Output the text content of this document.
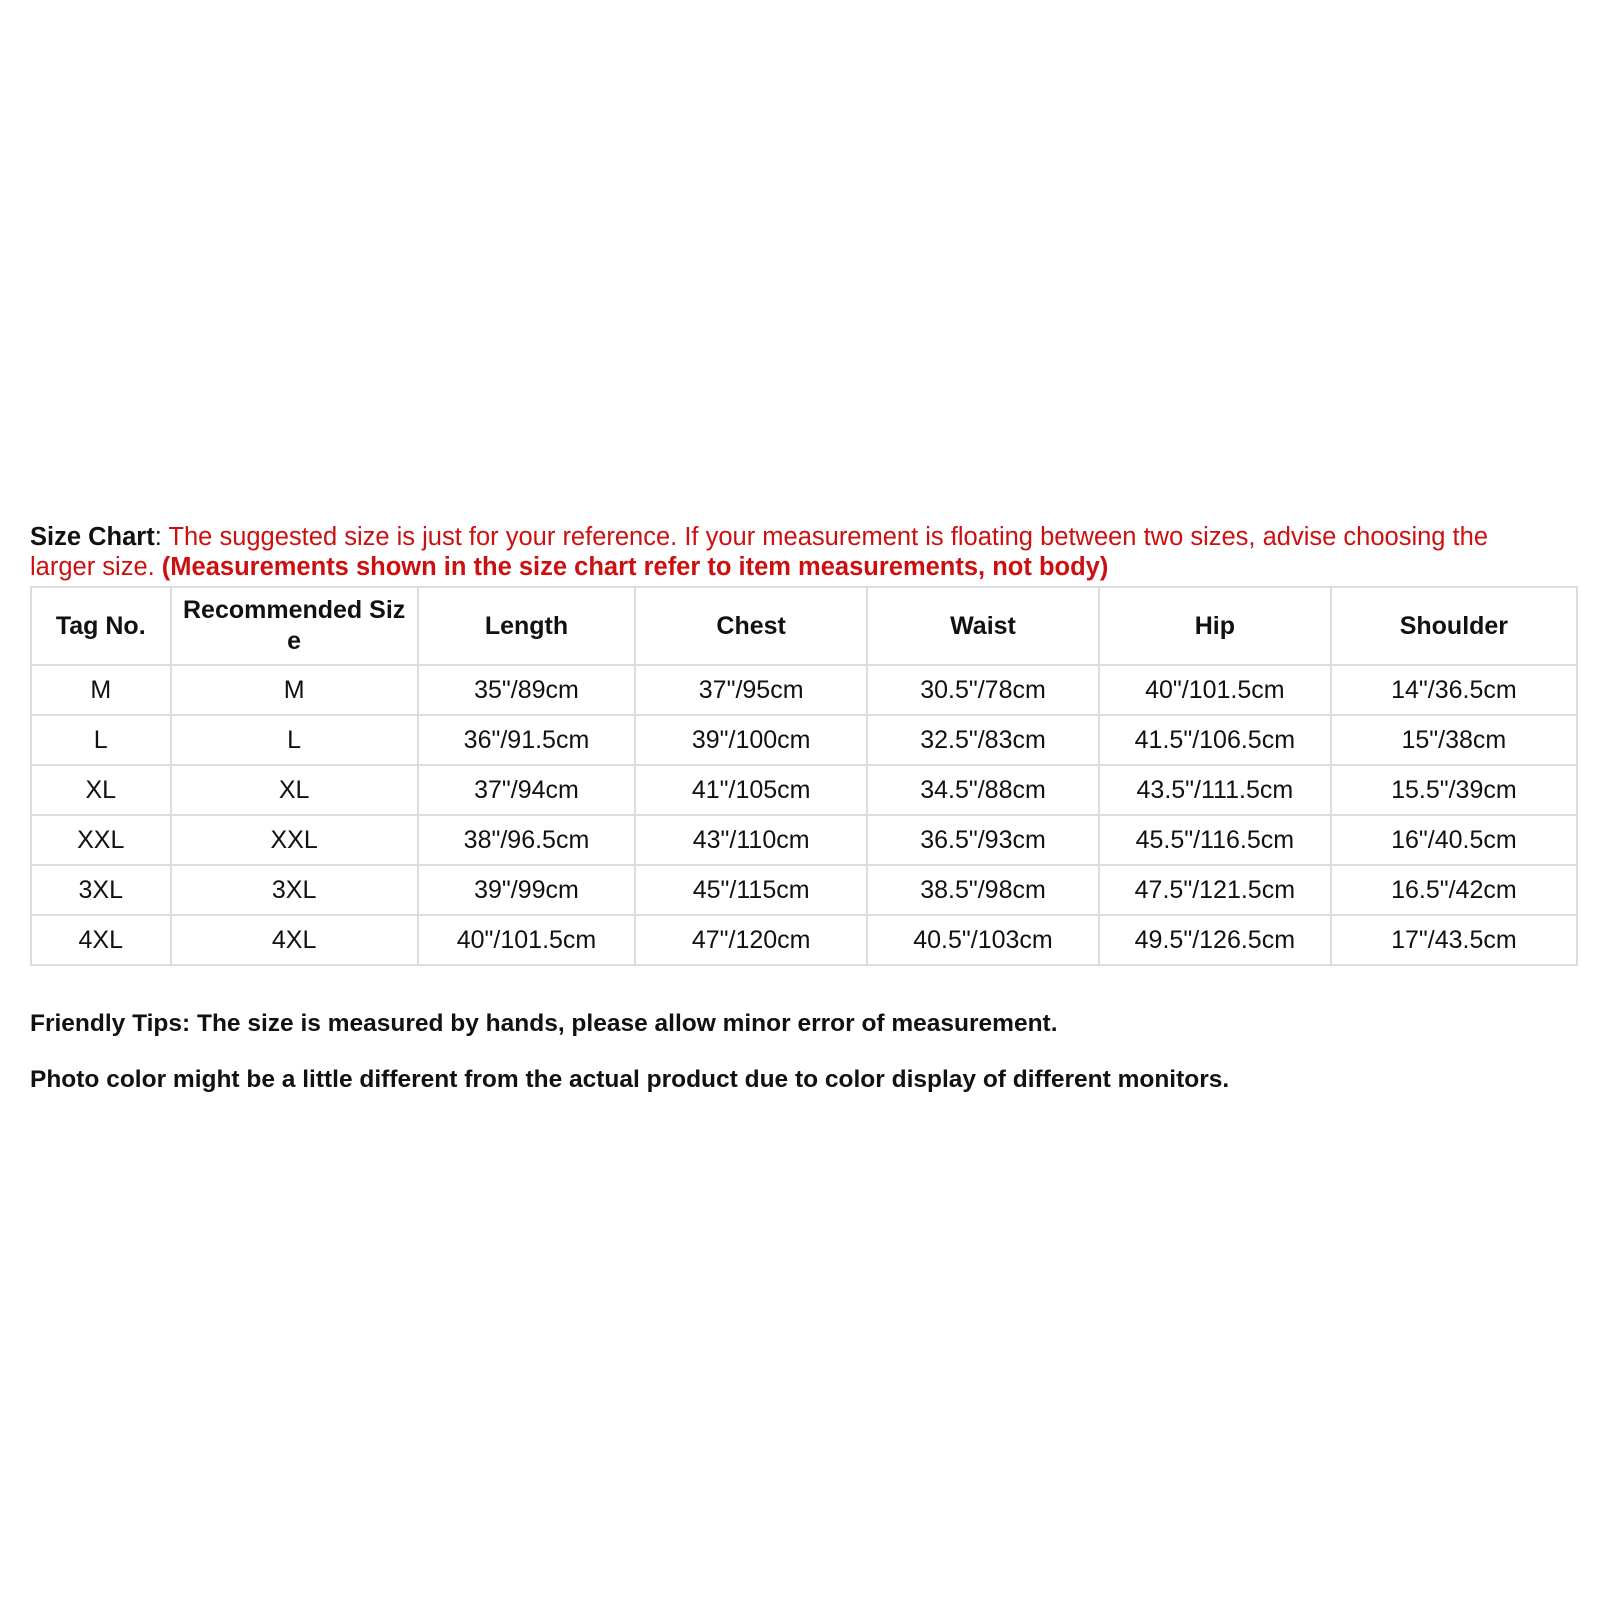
Size Chart: The suggested size is just for your reference. If your measurement is floating between two sizes, advise choosing the larger size. (Measurements shown in the size chart refer to item measurements, not body)

Tag No.	Recommended Siz e	Length	Chest	Waist	Hip	Shoulder
M	M	35"/89cm	37"/95cm	30.5"/78cm	40"/101.5cm	14"/36.5cm
L	L	36"/91.5cm	39"/100cm	32.5"/83cm	41.5"/106.5cm	15"/38cm
XL	XL	37"/94cm	41"/105cm	34.5"/88cm	43.5"/111.5cm	15.5"/39cm
XXL	XXL	38"/96.5cm	43"/110cm	36.5"/93cm	45.5"/116.5cm	16"/40.5cm
3XL	3XL	39"/99cm	45"/115cm	38.5"/98cm	47.5"/121.5cm	16.5"/42cm
4XL	4XL	40"/101.5cm	47"/120cm	40.5"/103cm	49.5"/126.5cm	17"/43.5cm

Friendly Tips: The size is measured by hands, please allow minor error of measurement.

Photo color might be a little different from the actual product due to color display of different monitors.
